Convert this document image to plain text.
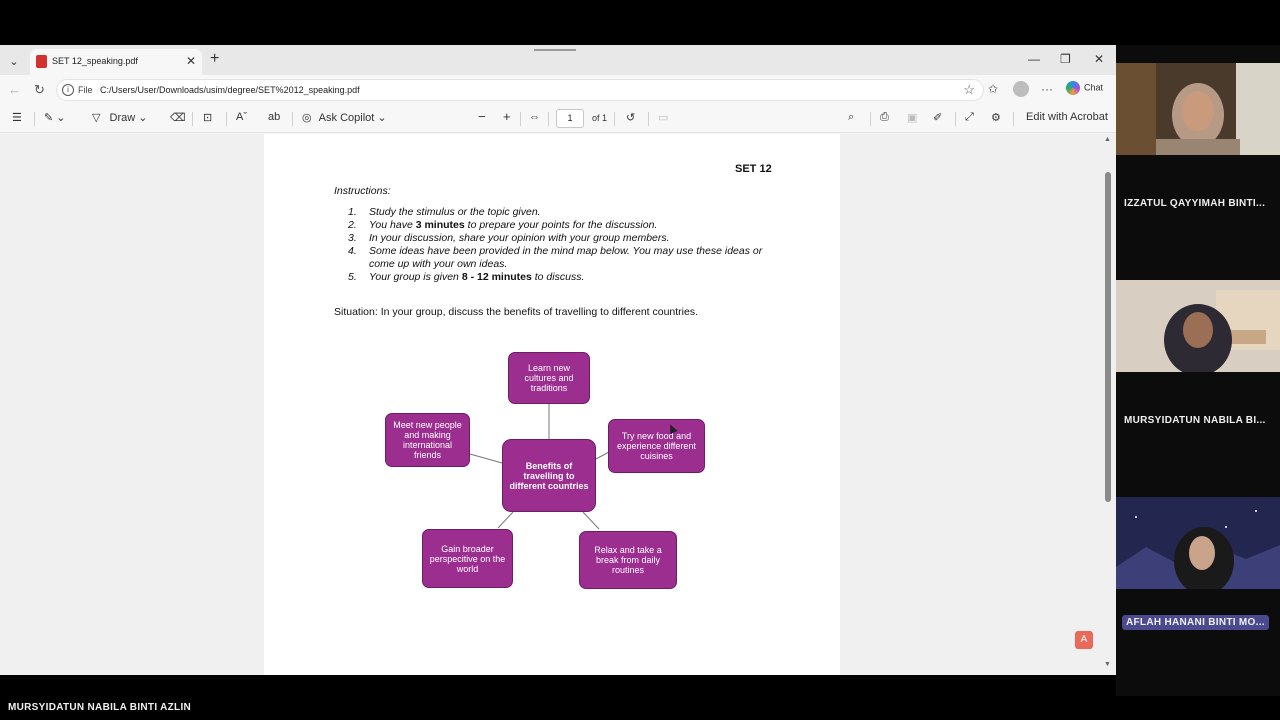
⌄	SET 12_speaking.pdf	✕ +	— ❐ ✕
← ↻	i	File C:/Users/User/Downloads/usim/degree/SET%2012_speaking.pdf	☆ ✩	···	Chat
☰ ✎ ⌄ ▽ Draw ⌄ ⌫ ⊡ Aˇ ab ◎ Ask Copilot ⌄	− + ⇔	1	of 1 ↺ ▭	⌕ ⎙ ▣ ✐ ⤢ ⚙ Edit with Acrobat
SET 12
Instructions:
1. Study the stimulus or the topic given.
2. You have 3 minutes to prepare your points for the discussion.
3. In your discussion, share your opinion with your group members.
4. Some ideas have been provided in the mind map below. You may use these ideas or come up with your own ideas.
5. Your group is given 8 - 12 minutes to discuss.
Situation: In your group, discuss the benefits of travelling to different countries.
Learn new cultures and traditions
Meet new people and making international friends
Try new food and experience different cuisines
Benefits of travelling to different countries
Gain broader perspecitive on the world
Relax and take a break from daily routines
▲
▼
A
IZZATUL QAYYIMAH BINTI...
MURSYIDATUN NABILA BI...
AFLAH HANANI BINTI MO...
MURSYIDATUN NABILA BINTI AZLIN
